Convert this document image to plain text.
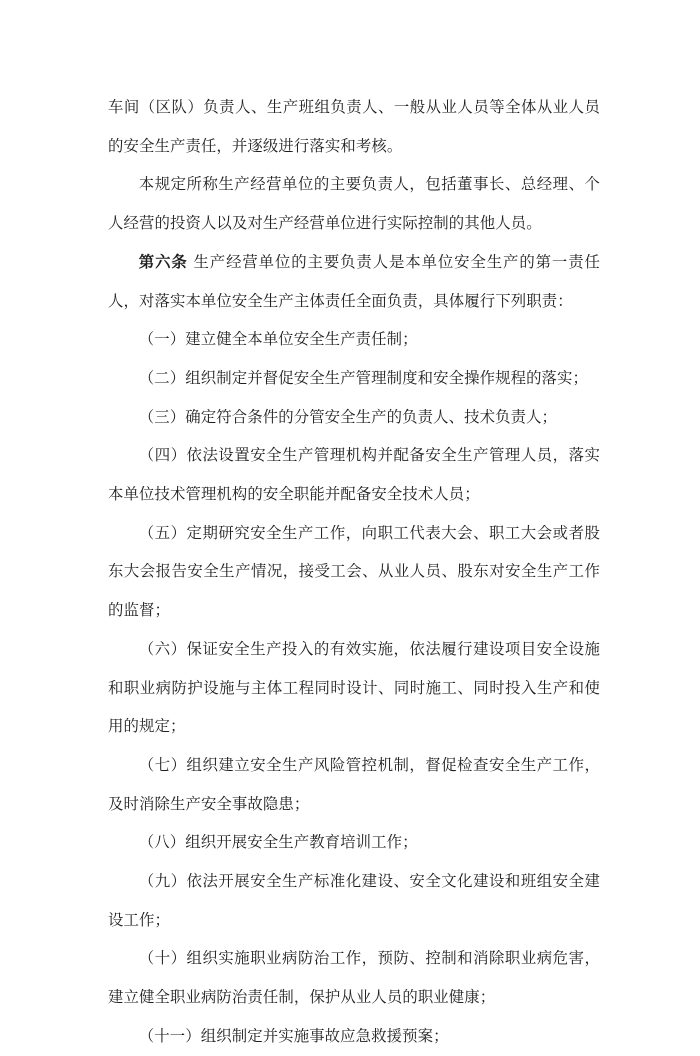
车间（区队）负责人、生产班组负责人、一般从业人员等全体从业人员的安全生产责任，并逐级进行落实和考核。

本规定所称生产经营单位的主要负责人，包括董事长、总经理、个人经营的投资人以及对生产经营单位进行实际控制的其他人员。

第六条 生产经营单位的主要负责人是本单位安全生产的第一责任人，对落实本单位安全生产主体责任全面负责，具体履行下列职责：

（一）建立健全本单位安全生产责任制；

（二）组织制定并督促安全生产管理制度和安全操作规程的落实；

（三）确定符合条件的分管安全生产的负责人、技术负责人；

（四）依法设置安全生产管理机构并配备安全生产管理人员，落实本单位技术管理机构的安全职能并配备安全技术人员；

（五）定期研究安全生产工作，向职工代表大会、职工大会或者股东大会报告安全生产情况，接受工会、从业人员、股东对安全生产工作的监督；

（六）保证安全生产投入的有效实施，依法履行建设项目安全设施和职业病防护设施与主体工程同时设计、同时施工、同时投入生产和使用的规定；

（七）组织建立安全生产风险管控机制，督促检查安全生产工作，及时消除生产安全事故隐患；

（八）组织开展安全生产教育培训工作；

（九）依法开展安全生产标准化建设、安全文化建设和班组安全建设工作；

（十）组织实施职业病防治工作，预防、控制和消除职业病危害，建立健全职业病防治责任制，保护从业人员的职业健康；

（十一）组织制定并实施事故应急救援预案；
